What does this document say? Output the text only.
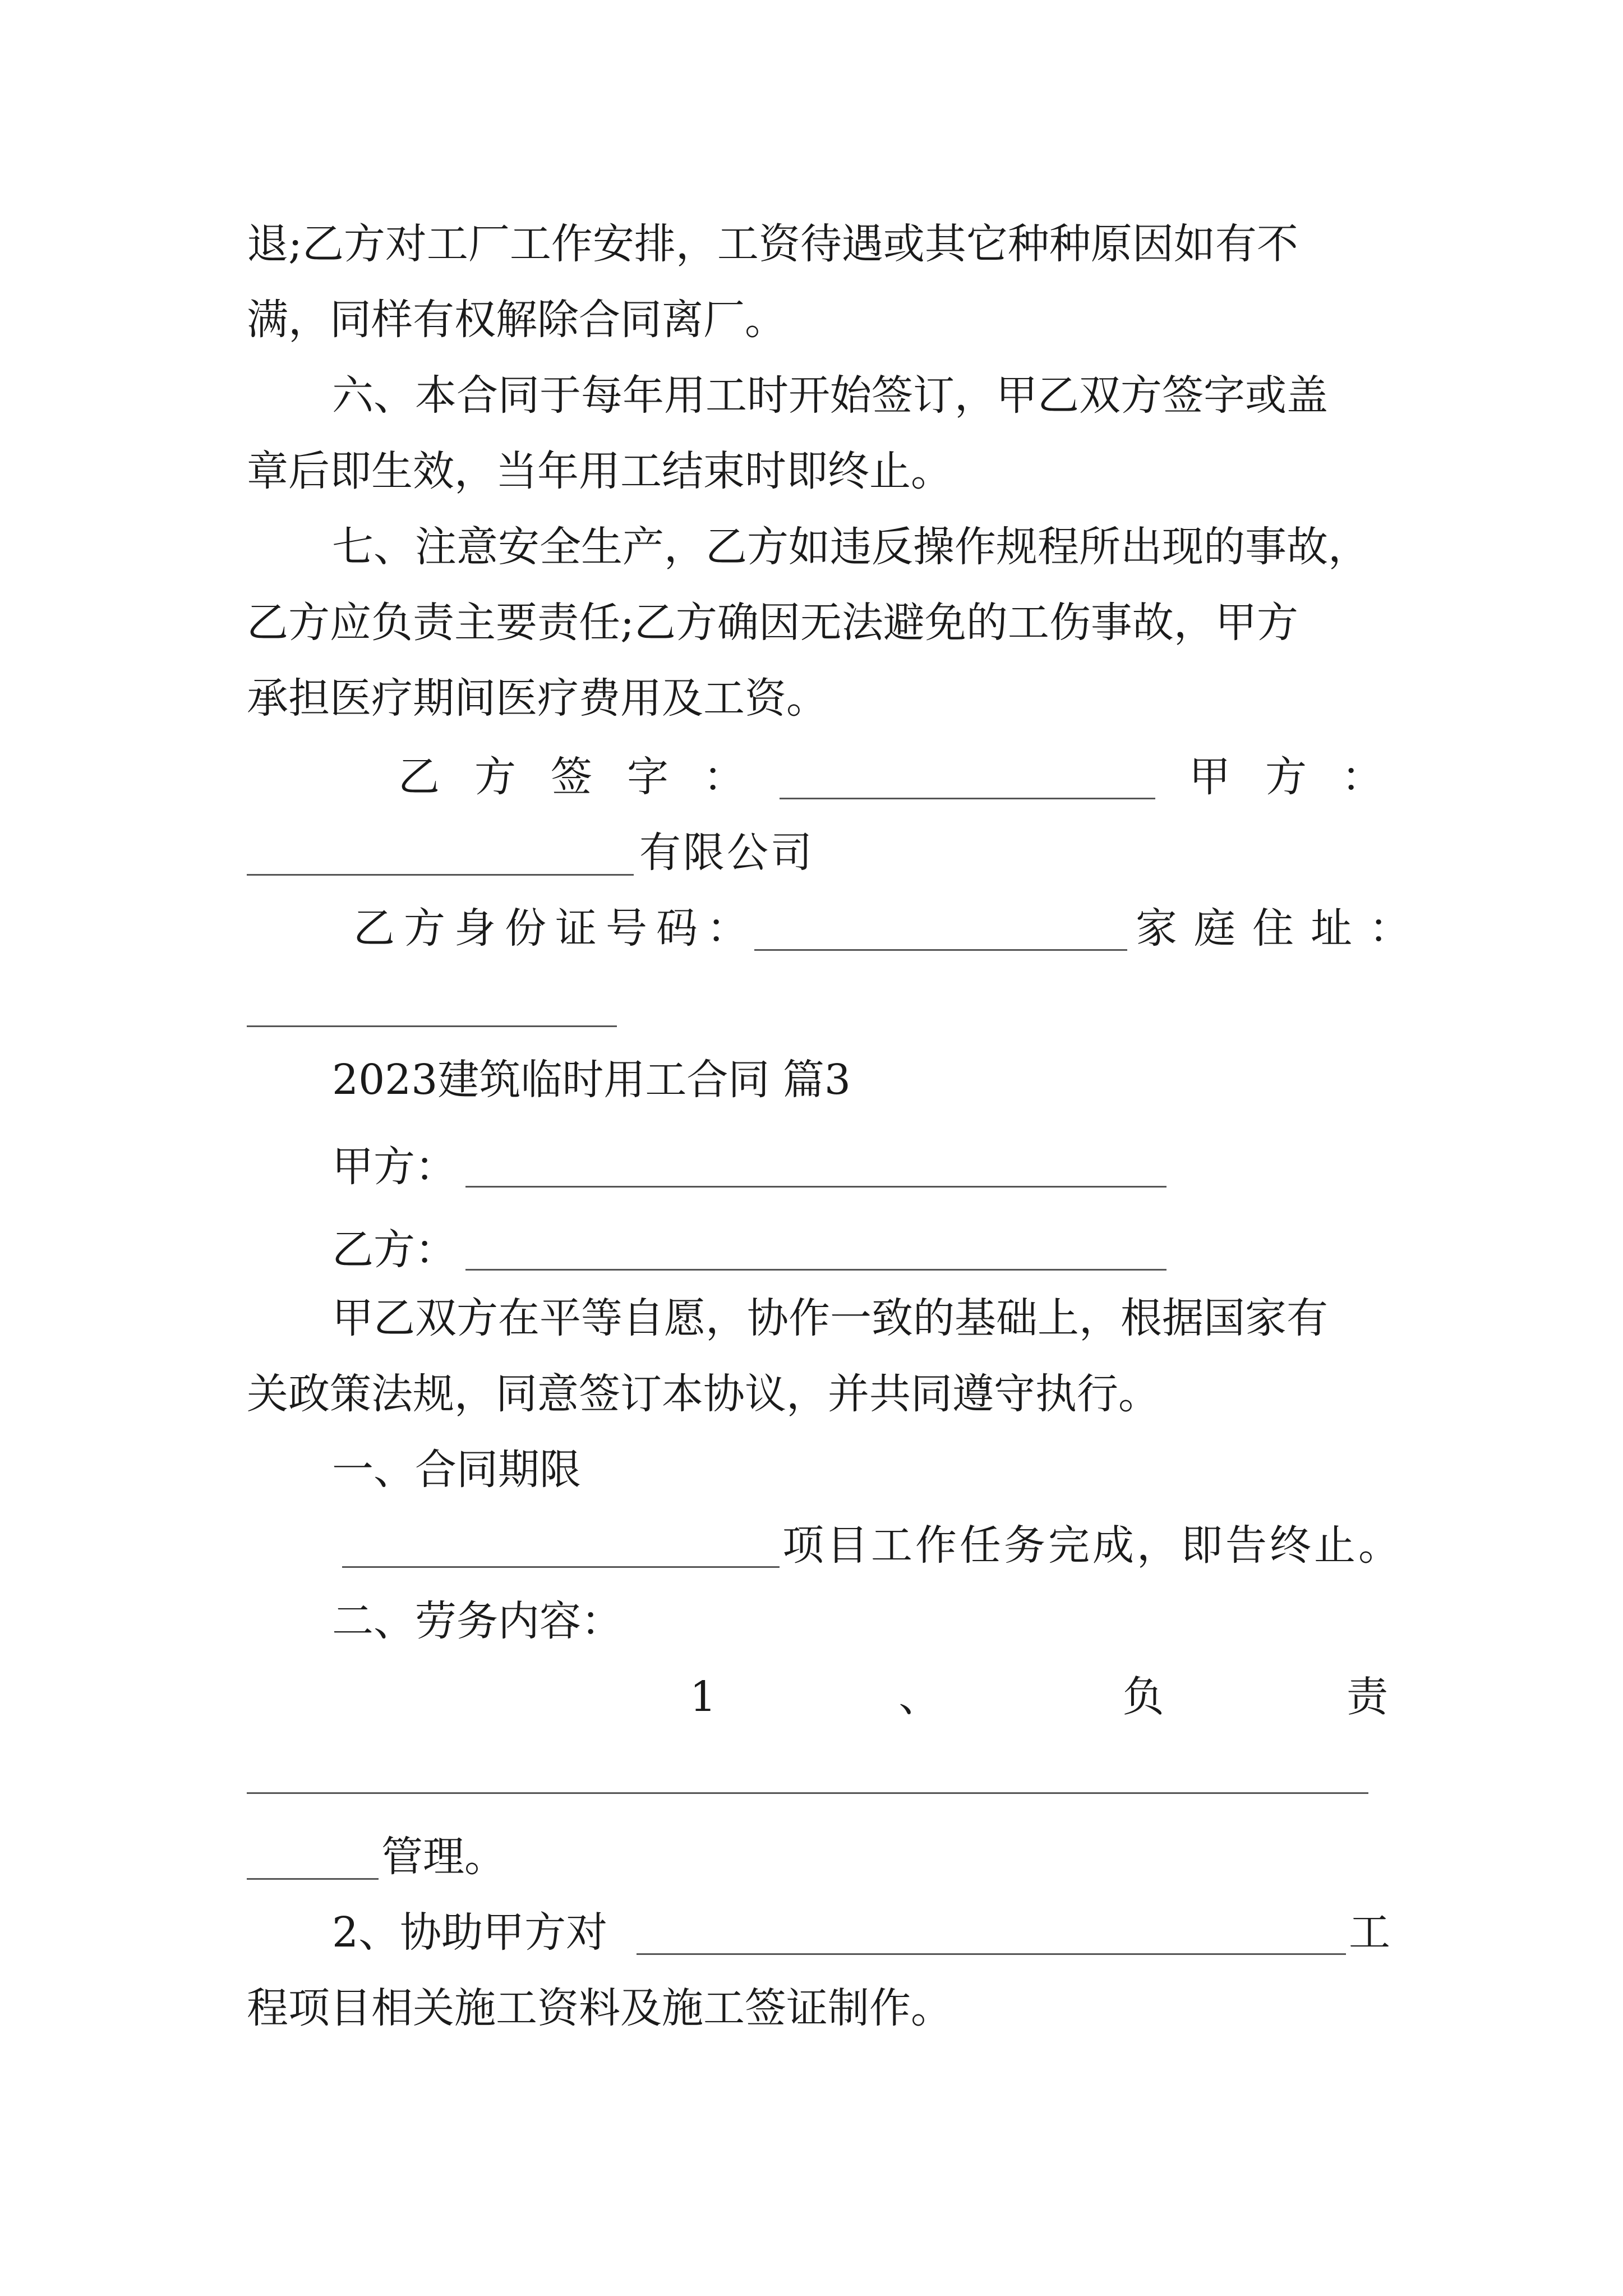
退;乙方对工厂工作安排，工资待遇或其它种种原因如有不
满，同样有权解除合同离厂。
六、本合同于每年用工时开始签订，甲乙双方签字或盖
章后即生效，当年用工结束时即终止。
七、注意安全生产，乙方如违反操作规程所出现的事故，
乙方应负责主要责任;乙方确因无法避免的工伤事故，甲方
承担医疗期间医疗费用及工资。
乙方签字：	甲方：
有限公司
乙方身份证号码：	家庭住址：
2023建筑临时用工合同 篇3
甲方：
乙方：
甲乙双方在平等自愿，协作一致的基础上，根据国家有
关政策法规，同意签订本协议，并共同遵守执行。
一、合同期限
项目工作任务完成，即告终止。
二、劳务内容：
1	、	负	责
管理。
2、协助甲方对	工
程项目相关施工资料及施工签证制作。
